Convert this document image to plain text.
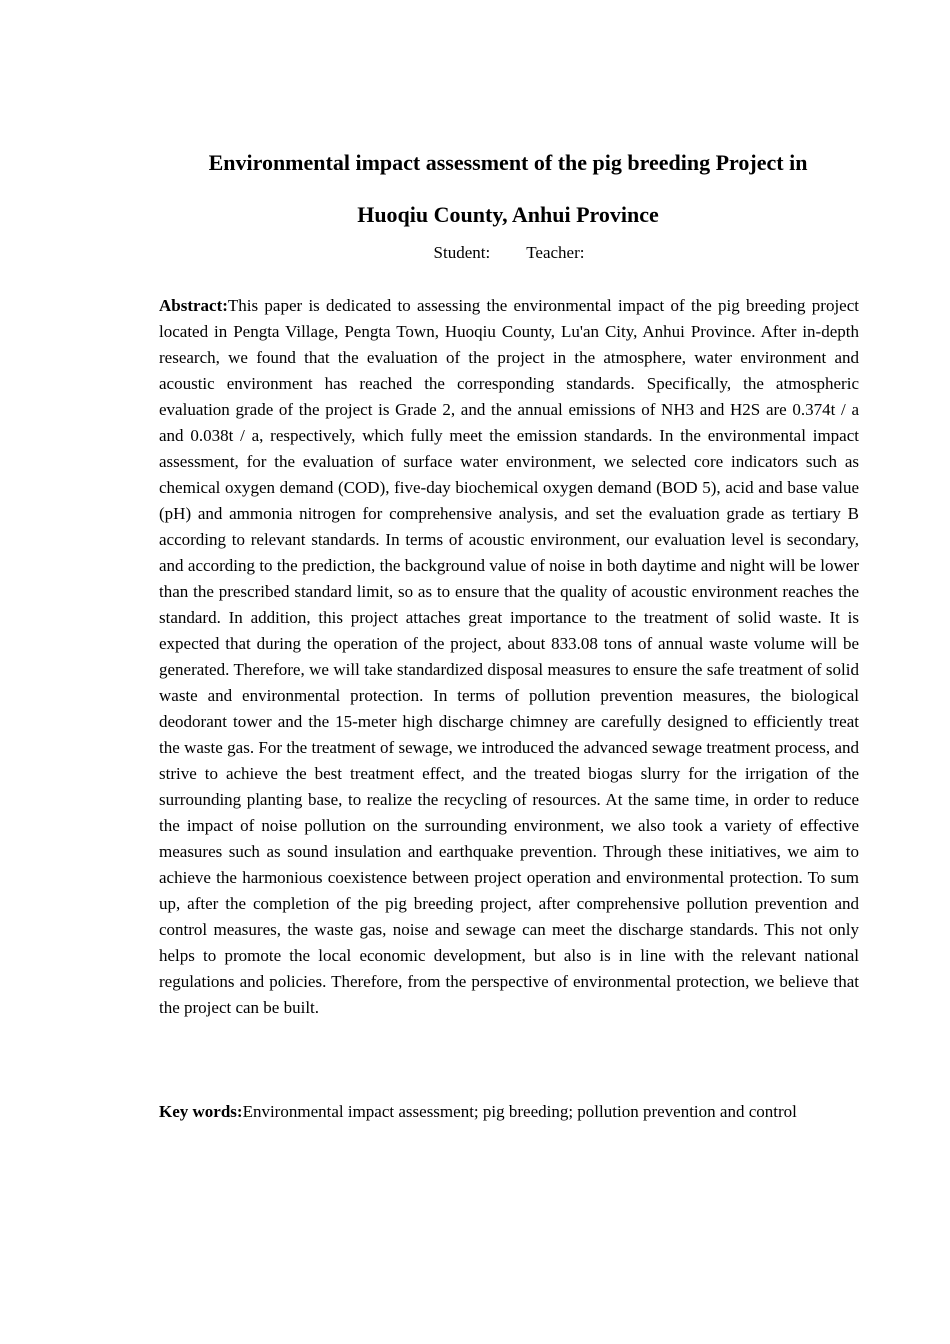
Environmental impact assessment of the pig breeding Project in
Huoqiu County, Anhui Province
Student: Teacher:

Abstract:This paper is dedicated to assessing the environmental impact of the pig breeding project located in Pengta Village, Pengta Town, Huoqiu County, Lu'an City, Anhui Province. After in-depth research, we found that the evaluation of the project in the atmosphere, water environment and acoustic environment has reached the corresponding standards. Specifically, the atmospheric evaluation grade of the project is Grade 2, and the annual emissions of NH3 and H2S are 0.374t / a and 0.038t / a, respectively, which fully meet the emission standards. In the environmental impact assessment, for the evaluation of surface water environment, we selected core indicators such as chemical oxygen demand (COD), five-day biochemical oxygen demand (BOD 5), acid and base value (pH) and ammonia nitrogen for comprehensive analysis, and set the evaluation grade as tertiary B according to relevant standards. In terms of acoustic environment, our evaluation level is secondary, and according to the prediction, the background value of noise in both daytime and night will be lower than the prescribed standard limit, so as to ensure that the quality of acoustic environment reaches the standard. In addition, this project attaches great importance to the treatment of solid waste. It is expected that during the operation of the project, about 833.08 tons of annual waste volume will be generated. Therefore, we will take standardized disposal measures to ensure the safe treatment of solid waste and environmental protection. In terms of pollution prevention measures, the biological deodorant tower and the 15-meter high discharge chimney are carefully designed to efficiently treat the waste gas. For the treatment of sewage, we introduced the advanced sewage treatment process, and strive to achieve the best treatment effect, and the treated biogas slurry for the irrigation of the surrounding planting base, to realize the recycling of resources. At the same time, in order to reduce the impact of noise pollution on the surrounding environment, we also took a variety of effective measures such as sound insulation and earthquake prevention. Through these initiatives, we aim to achieve the harmonious coexistence between project operation and environmental protection. To sum up, after the completion of the pig breeding project, after comprehensive pollution prevention and control measures, the waste gas, noise and sewage can meet the discharge standards. This not only helps to promote the local economic development, but also is in line with the relevant national regulations and policies. Therefore, from the perspective of environmental protection, we believe that the project can be built.

Key words:Environmental impact assessment; pig breeding; pollution prevention and control
